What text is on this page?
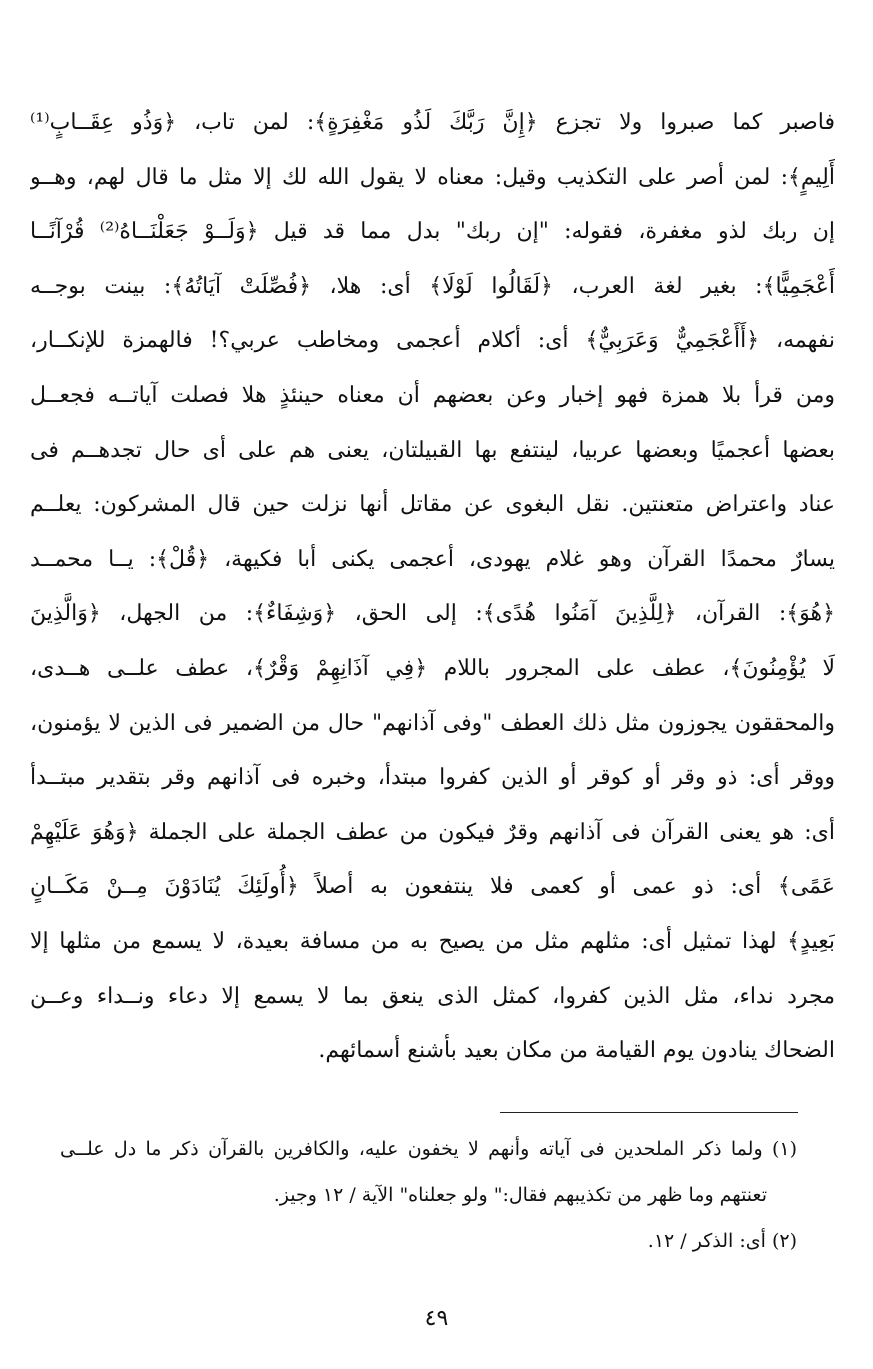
فاصبر كما صبروا ولا تجزع ﴿إِنَّ رَبَّكَ لَذُو مَغْفِرَةٍ﴾: لمن تاب، ﴿وَذُو عِقَــابٍ⁽¹⁾
أَلِيمٍ﴾: لمن أصر على التكذيب وقيل: معناه لا يقول الله لك إلا مثل ما قال لهم، وهــو
إن ربك لذو مغفرة، فقوله: "إن ربك" بدل مما قد قيل ﴿وَلَــوْ جَعَلْنَــاهُ⁽²⁾ قُرْآنًــا
أَعْجَمِيًّا﴾: بغير لغة العرب، ﴿لَقَالُوا لَوْلَا﴾ أى: هلا، ﴿فُصِّلَتْ آيَاتُهُ﴾: بينت بوجــه
نفهمه، ﴿أَأَعْجَمِيٌّ وَعَرَبِيٌّ﴾ أى: أكلام أعجمى ومخاطب عربي؟! فالهمزة للإنكــار،
ومن قرأ بلا همزة فهو إخبار وعن بعضهم أن معناه حينئذٍ هلا فصلت آياتــه فجعــل
بعضها أعجميًا وبعضها عربيا، لينتفع بها القبيلتان، يعنى هم على أى حال تجدهــم فى
عناد واعتراض متعنتين. نقل البغوى عن مقاتل أنها نزلت حين قال المشركون: يعلــم
يسارٌ محمدًا القرآن وهو غلام يهودى، أعجمى يكنى أبا فكيهة، ﴿قُلْ﴾: يــا محمــد
﴿هُوَ﴾: القرآن، ﴿لِلَّذِينَ آمَنُوا هُدًى﴾: إلى الحق، ﴿وَشِفَاءٌ﴾: من الجهل، ﴿وَالَّذِينَ
لَا يُؤْمِنُونَ﴾، عطف على المجرور باللام ﴿فِي آذَانِهِمْ وَقْرٌ﴾، عطف علــى هــدى،
والمحققون يجوزون مثل ذلك العطف "وفى آذانهم" حال من الضمير فى الذين لا يؤمنون،
ووقر أى: ذو وقر أو كوقر أو الذين كفروا مبتدأ، وخبره فى آذانهم وقر بتقدير مبتــدأ
أى: هو يعنى القرآن فى آذانهم وقرٌ فيكون من عطف الجملة على الجملة ﴿وَهُوَ عَلَيْهِمْ
عَمًى﴾ أى: ذو عمى أو كعمى فلا ينتفعون به أصلاً ﴿أُولَئِكَ يُنَادَوْنَ مِــنْ مَكَــانٍ
بَعِيدٍ﴾ لهذا تمثيل أى: مثلهم مثل من يصيح به من مسافة بعيدة، لا يسمع من مثلها إلا
مجرد نداء، مثل الذين كفروا، كمثل الذى ينعق بما لا يسمع إلا دعاء ونــداء وعــن
الضحاك ينادون يوم القيامة من مكان بعيد بأشنع أسمائهم.
(١) ولما ذكر الملحدين فى آياته وأنهم لا يخفون عليه، والكافرين بالقرآن ذكر ما دل علــى
تعنتهم وما ظهر من تكذيبهم فقال:" ولو جعلناه" الآية / ١٢ وجيز.
(٢) أى: الذكر / ١٢.
٤٩
